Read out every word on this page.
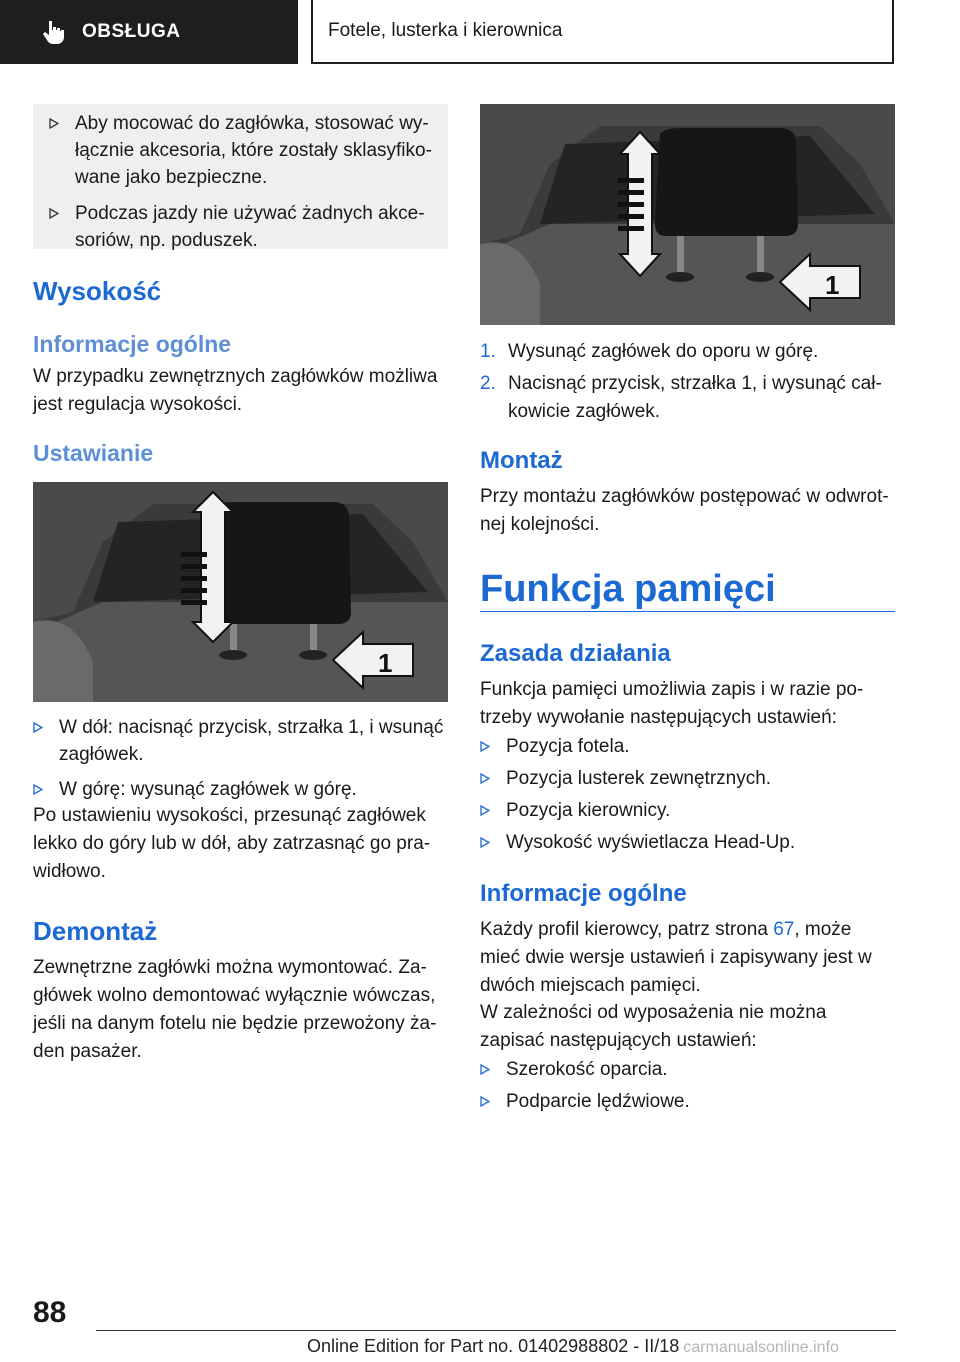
OBSŁUGA	Fotele, lusterka i kierownica
Aby mocować do zagłówka, stosować wy-łącznie akcesoria, które zostały sklasyfiko-wane jako bezpieczne.
Podczas jazdy nie używać żadnych akce-soriów, np. poduszek.
Wysokość
Informacje ogólne
W przypadku zewnętrznych zagłówków możliwa jest regulacja wysokości.
Ustawianie
1
W dół: nacisnąć przycisk, strzałka 1, i wsunąć zagłówek.
W górę: wysunąć zagłówek w górę.
Po ustawieniu wysokości, przesunąć zagłówek lekko do góry lub w dół, aby zatrzasnąć go pra-widłowo.
Demontaż
Zewnętrzne zagłówki można wymontować. Za-główek wolno demontować wyłącznie wówczas, jeśli na danym fotelu nie będzie przewożony ża-den pasażer.
1
1. Wysunąć zagłówek do oporu w górę.
2. Nacisnąć przycisk, strzałka 1, i wysunąć cał-kowicie zagłówek.
Montaż
Przy montażu zagłówków postępować w odwrot-nej kolejności.
Funkcja pamięci
Zasada działania
Funkcja pamięci umożliwia zapis i w razie po-trzeby wywołanie następujących ustawień:
Pozycja fotela.
Pozycja lusterek zewnętrznych.
Pozycja kierownicy.
Wysokość wyświetlacza Head-Up.
Informacje ogólne
Każdy profil kierowcy, patrz strona 67, może mieć dwie wersje ustawień i zapisywany jest w dwóch miejscach pamięci.
W zależności od wyposażenia nie można zapisać następujących ustawień:
Szerokość oparcia.
Podparcie lędźwiowe.
88
Online Edition for Part no. 01402988802 - II/18 carmanualsonline.info
